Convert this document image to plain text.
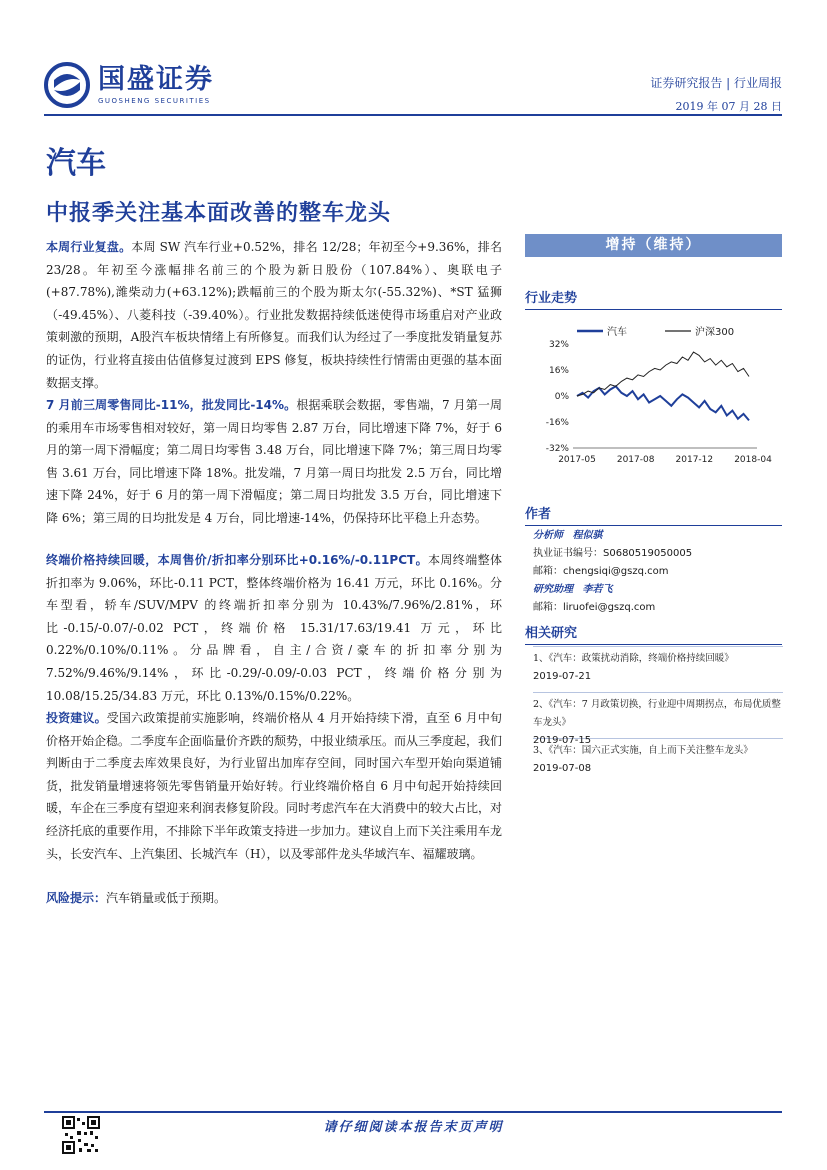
国盛证券
GUOSHENG SECURITIES
证券研究报告 | 行业周报
2019 年 07 月 28 日
汽车
中报季关注基本面改善的整车龙头

本周行业复盘。本周 SW 汽车行业+0.52%，排名 12/28；年初至今+9.36%，排名 23/28。年初至今涨幅排名前三的个股为新日股份（107.84%）、奥联电子(+87.78%),潍柴动力(+63.12%);跌幅前三的个股为斯太尔(-55.32%)、*ST 猛狮（-49.45%）、八菱科技（-39.40%）。行业批发数据持续低迷使得市场重启对产业政策刺激的预期，A股汽车板块情绪上有所修复。而我们认为经过了一季度批发销量复苏的证伪，行业将直接由估值修复过渡到 EPS 修复，板块持续性行情需由更强的基本面数据支撑。

7 月前三周零售同比-11%，批发同比-14%。根据乘联会数据，零售端，7 月第一周的乘用车市场零售相对较好，第一周日均零售 2.87 万台，同比增速下降 7%，好于 6 月的第一周下滑幅度；第二周日均零售 3.48 万台，同比增速下降 7%；第三周日均零售 3.61 万台，同比增速下降 18%。批发端，7 月第一周日均批发 2.5 万台，同比增速下降 24%，好于 6 月的第一周下滑幅度；第二周日均批发 3.5 万台，同比增速下降 6%；第三周的日均批发是 4 万台，同比增速-14%，仍保持环比平稳上升态势。

终端价格持续回暖，本周售价/折扣率分别环比+0.16%/-0.11PCT。本周终端整体折扣率为 9.06%，环比-0.11 PCT，整体终端价格为 16.41 万元，环比 0.16%。分车型看，轿车/SUV/MPV 的终端折扣率分别为 10.43%/7.96%/2.81%，环比-0.15/-0.07/-0.02 PCT，终端价格 15.31/17.63/19.41 万元，环比 0.22%/0.10%/0.11%。分品牌看，自主/合资/豪车的折扣率分别为 7.52%/9.46%/9.14%，环比-0.29/-0.09/-0.03 PCT，终端价格分别为 10.08/15.25/34.83 万元，环比 0.13%/0.15%/0.22%。

投资建议。受国六政策提前实施影响，终端价格从 4 月开始持续下滑，直至 6 月中旬价格开始企稳。二季度车企面临量价齐跌的颓势，中报业绩承压。而从三季度起，我们判断由于二季度去库效果良好，为行业留出加库存空间，同时国六车型开始向渠道铺货，批发销量增速将领先零售销量开始好转。行业终端价格自 6 月中旬起开始持续回暖，车企在三季度有望迎来利润表修复阶段。同时考虑汽车在大消费中的较大占比，对经济托底的重要作用，不排除下半年政策支持进一步加力。建议自上而下关注乘用车龙头，长安汽车、上汽集团、长城汽车（H），以及零部件龙头华域汽车、福耀玻璃。

风险提示：汽车销量或低于预期。

增持（维持）
行业走势
32%
16%
0%
-16%
-32%
2017-05 2017-08 2017-12 2018-04
汽车	沪深300
作者
分析师 程似骐
执业证书编号：S0680519050005
邮箱：chengsiqi@gszq.com
研究助理 李若飞
邮箱：liruofei@gszq.com
相关研究
1、《汽车：政策扰动消除，终端价格持续回暖》
2019-07-21
2、《汽车：7 月政策切换，行业迎中周期拐点，布局优质整车龙头》
2019-07-15
3、《汽车：国六正式实施，自上而下关注整车龙头》
2019-07-08
请仔细阅读本报告末页声明
